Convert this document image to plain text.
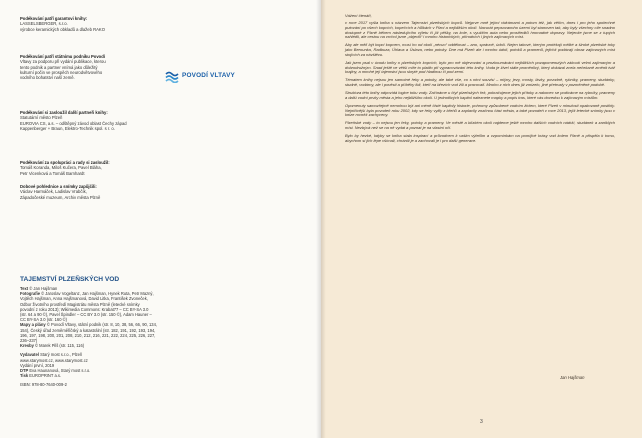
Podékování patří garantovi knihy:
LASSELSBERGER, s.r.o.
výrobce keramických obkladů a dlažeb RAKO
Podékování patří státnímu podniku Povodí
Vltavy za podporu při vydání publikace, kterou
tento podnik a partner vnímá jako důležitý
kulturní počin ve prospěch neurodvětvového
vodního bohatství naší země.	POVODÍ VLTAVY
Podékování si zasloužil další partneři knihy:
Statutární město Plzeň
EUROVIA CS, a.s. – odštěpný závod oblast Čechy západ
Kappenberger + Braun, Elektro-Technik spol. s r. o.
Podékování za spolupráci a rady si zasloužil:
Tomáš Koranda, Miloš Kučera, Pavel Bláha,
Petr Vicenková a Tomáš Barnhardt
Dobové pohlednice a snímky zapůjčili:
Václav Harmáček, Ladislav Vrabčík,
Západočeské muzeum, Archiv města Plzně
TAJEMSTVÍ PLZEŇSKÝCH VOD
Text © Jan Hajšman
Fotografie © Jaroslav Vogeltanz, Jan Hajšman, Hynek Ruta, Petr Mazný,
Vojtěch Hajšman, Anna Hajšmanová, David Litka, František Zvoneček,
Odbor životního prostředí Magistrátu města Plzně (letecké snímky
povodní z roku 2013); Wikimedia Commons: Krabat77 – CC BY-SA 3.0
(str. 64 a 90 ©), Pavel Špindler – CC BY 3.0 (str. 150 ©), Adam Hauner –
CC BY-SA 3.0 (str. 160 ©)
Mapy a plány © Povodí Vltavy, státní podnik (str. 8, 10, 38, 56, 66, 90, 134,
154), Český úřad zeměměřičský a katastrální (str. 182, 191, 192, 193, 194,
196, 197, 198, 200, 201, 208, 210, 212, 216, 221, 222, 224, 225, 226, 227,
236–237)
Kresby © Marek Pilš (str. 115, 116)
Vydavatel Starý most s.r.o., Plzeň
www.starymost.cz, www.starymost.cz
Vydání první, 2019
DTP Eva Haunanová, Starý most s.r.o.
Tisk EUROPRINT a.s.
ISBN: 978-80-7640-009-2

Vážení čtenáři,

v roce 2017 vyšla kniha s názvem Tajemství plzeňských kopců. Nejprve mně jejími vidrárnami a potom též, jak věřím, dnes i pro jeho spolechné putování po všech kopcích, kopečcích a hůlkách v Plzni a nejbližším okolí. Nacurát pepsovanoho území byl stanoven tak, aby byly všechny cíle snadno dostupné z Plzně během následujícího výletu či jíž pěšky, na kole, s využitím auta nebo prostředků hromadné dopravy. Nejenže jsme se z tupých nahlédli, ale cestou na vrchol jsme „objevili“ i mnoho historických, přírodních i jiných zajímavých míst.

Aby ale měli být kopci kopcem, musí ho od okolí „nécuo“ oddělovat – ano, správně, údolí. Nejen takové, kterým protékají mělké a široké plzeňské toky jako Berounka, Radbuza, Úhlava a Úslava, nebo potoky. Dne má Plzeň ale i mnoho údolí, potoků a pramenů, jejichž podávají obraz zajímavých míst stojících za návštěvu.

Jak jsem psal v úvodu knihy o plzeňských kopcích, bylo pro mě objevování a prozkoumávání nejbližších pozapomenutých zákoutí velmi zajímavým a dobrodružným. Snad ještě ve větší míře to platilo při vypracovávání této knihy. Voda je živel stále proměnlivý, který dokázal zcela nečekaně změnit tvář krajiny, a mnohé její tajemství jsou skryté pod hladinou či pod zemí.

Tématem knihy nejsou jen samotné řeky a potoky, ale také vše, co s nimi souvisí – mlýny, jezy, mosty, lávky, povodně, rybníky, prameny, studánky, studně, vodárny, ale i pověsti a příběhy lidí, kteří na březích vod žili a pracovali. Mnoho z nich dnes již zmizelo, jiné přetrvaly v pozměněné podobě.

Struktura této knihy odpovídá logice toku vody. Začínáme u čtyř plzeňských řek, pokračujeme jejich přítoky a nakonec se podíváme na rybníky, prameny a další vodní prvky města a jeho nejbližšího okolí. U jednotlivých kapitol naleznete mapky a popis tras, které vás dovedou k zajímavým místům.

Opomenuty samozřejmě nemohou být ani méně čisté kapitoly historie, pohromy způsobené vodním živlem, které Plzeň v minulosti opakovaně postihly. Nejničivější byla povodeň roku 2002, kdy se řeky vylily z břehů a zaplavily značnou část města, a také povodeň v roce 2013, jejíž letecké snímky jsou v knize rovněž zachyceny.

Plzeňské vody – to nejsou jen řeky, potoky a prameny. Ve městě a blízkém okolí najdeme ještě mnoho dalších vodních nádrží, studánek a zaniklých míst. Nezbývá než se na ně vydat a poznat je na vlastní oči.

Bylo by hezké, kdyby se kniha stala inspirací a průvodcem k vašim výletům a vzpomínkám na pomíjivé krásy vod kolem Plzně a přispěla k tomu, abychom si jich lépe všímali, chránili je a zachovali je i pro další generace.

Jan Hajšman
3
